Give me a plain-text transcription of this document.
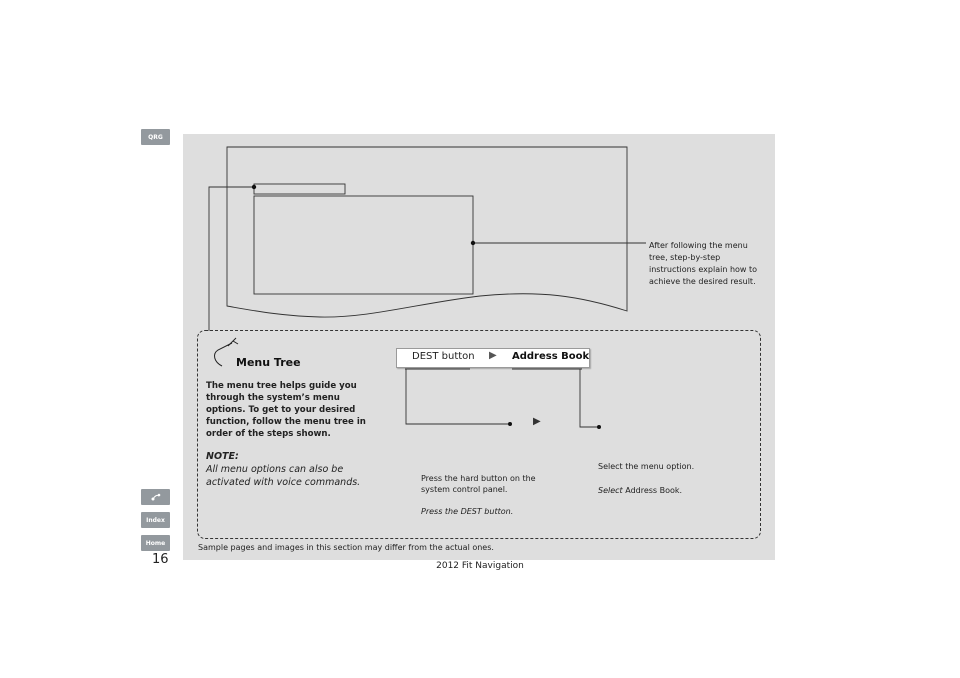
QRG
Index
Home
16
Menu Tree
The menu tree helps guide you through the system’s menu options. To get to your desired function, follow the menu tree in order of the steps shown.
NOTE:
All menu options can also be activated with voice commands.
DEST button ▶ Address Book
▶
After following the menu tree, step-by-step instructions explain how to achieve the desired result.
Press the hard button on the system control panel.
Press the DEST button.
Select the menu option.
Select Address Book.
Sample pages and images in this section may differ from the actual ones.
2012 Fit Navigation
